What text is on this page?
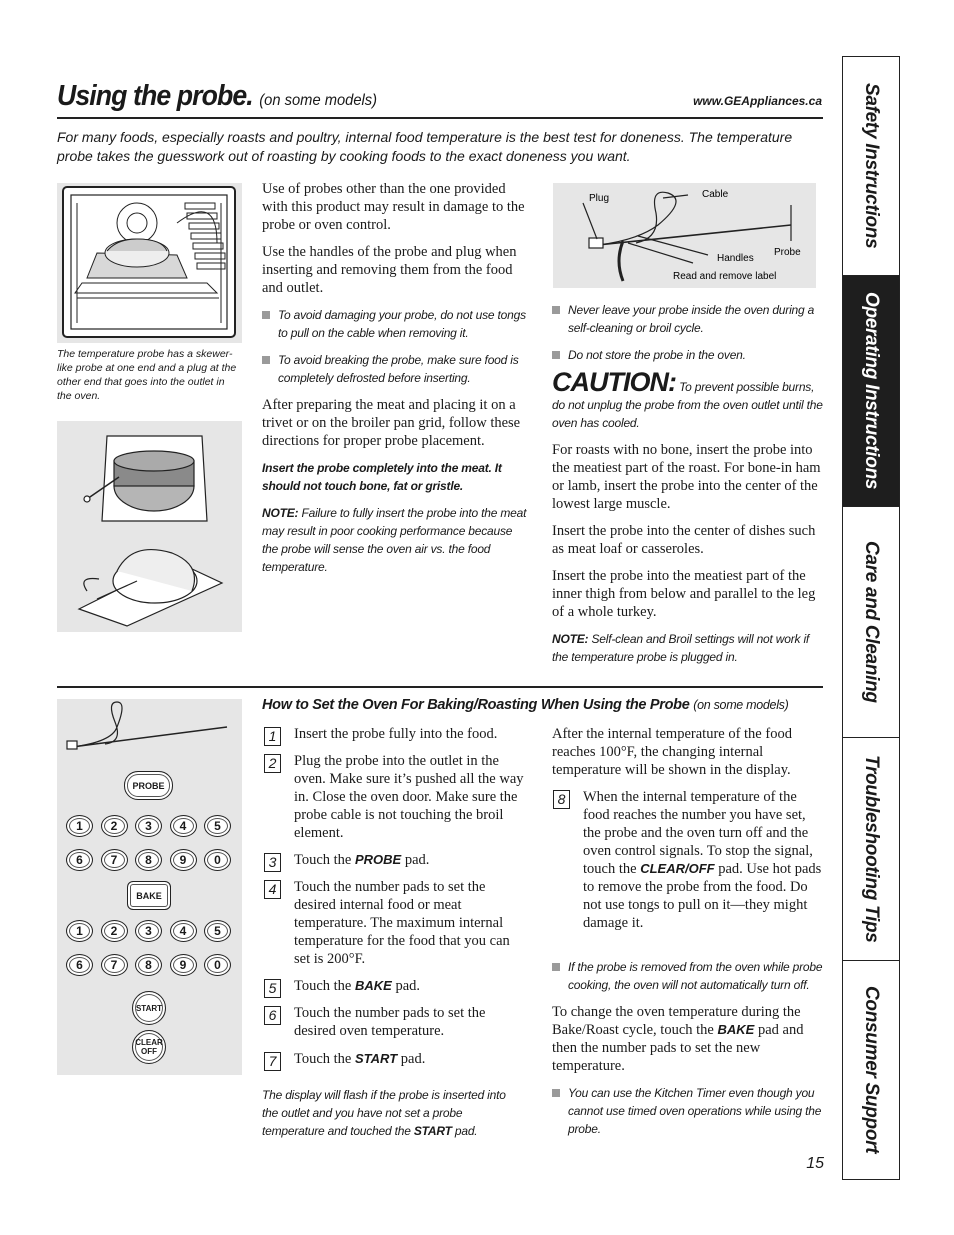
Using the probe. (on some models)	www.GEAppliances.ca
For many foods, especially roasts and poultry, internal food temperature is the best test for doneness. The temperature probe takes the guesswork out of roasting by cooking foods to the exact doneness you want.
The temperature probe has a skewer-like probe at one end and a plug at the other end that goes into the outlet in the oven.

Use of probes other than the one provided with this product may result in damage to the probe or oven control.

Use the handles of the probe and plug when inserting and removing them from the food and outlet.

To avoid damaging your probe, do not use tongs to pull on the cable when removing it.
To avoid breaking the probe, make sure food is completely defrosted before inserting.

After preparing the meat and placing it on a trivet or on the broiler pan grid, follow these directions for proper probe placement.

Insert the probe completely into the meat. It should not touch bone, fat or gristle.

NOTE: Failure to fully insert the probe into the meat may result in poor cooking performance because the probe will sense the oven air vs. the food temperature.

Plug	Cable
Handles
Probe
Read and remove label
Never leave your probe inside the oven during a self-cleaning or broil cycle.
Do not store the probe in the oven.
CAUTION: To prevent possible burns, do not unplug the probe from the oven outlet until the oven has cooled.

For roasts with no bone, insert the probe into the meatiest part of the roast. For bone-in ham or lamb, insert the probe into the center of the lowest large muscle.

Insert the probe into the center of dishes such as meat loaf or casseroles.

Insert the probe into the meatiest part of the inner thigh from below and parallel to the leg of a whole turkey.

NOTE: Self-clean and Broil settings will not work if the temperature probe is plugged in.

PROBE
BAKE
START
CLEAR
OFF
1	2	3	4	5
6	7	8	9	0
1	2	3	4	5
6	7	8	9	0
How to Set the Oven For Baking/Roasting When Using the Probe (on some models)
1	Insert the probe fully into the food.
2	Plug the probe into the outlet in the oven. Make sure it’s pushed all the way in. Close the oven door. Make sure the probe cable is not touching the broil element.
3	Touch the PROBE pad.
4	Touch the number pads to set the desired internal food or meat temperature. The maximum internal temperature for the food that you can set is 200°F.
5	Touch the BAKE pad.
6	Touch the number pads to set the desired oven temperature.
7	Touch the START pad.
The display will flash if the probe is inserted into the outlet and you have not set a probe temperature and touched the START pad.
After the internal temperature of the food reaches 100°F, the changing internal temperature will be shown in the display.
8	When the internal temperature of the food reaches the number you have set, the probe and the oven turn off and the oven control signals. To stop the signal, touch the CLEAR/OFF pad. Use hot pads to remove the probe from the food. Do not use tongs to pull on it—they might damage it.
If the probe is removed from the oven while probe cooking, the oven will not automatically turn off.

To change the oven temperature during the Bake/Roast cycle, touch the BAKE pad and then the number pads to set the new temperature.

You can use the Kitchen Timer even though you cannot use timed oven operations while using the probe.
15
Safety Instructions
Operating Instructions
Care and Cleaning
Troubleshooting Tips
Consumer Support
